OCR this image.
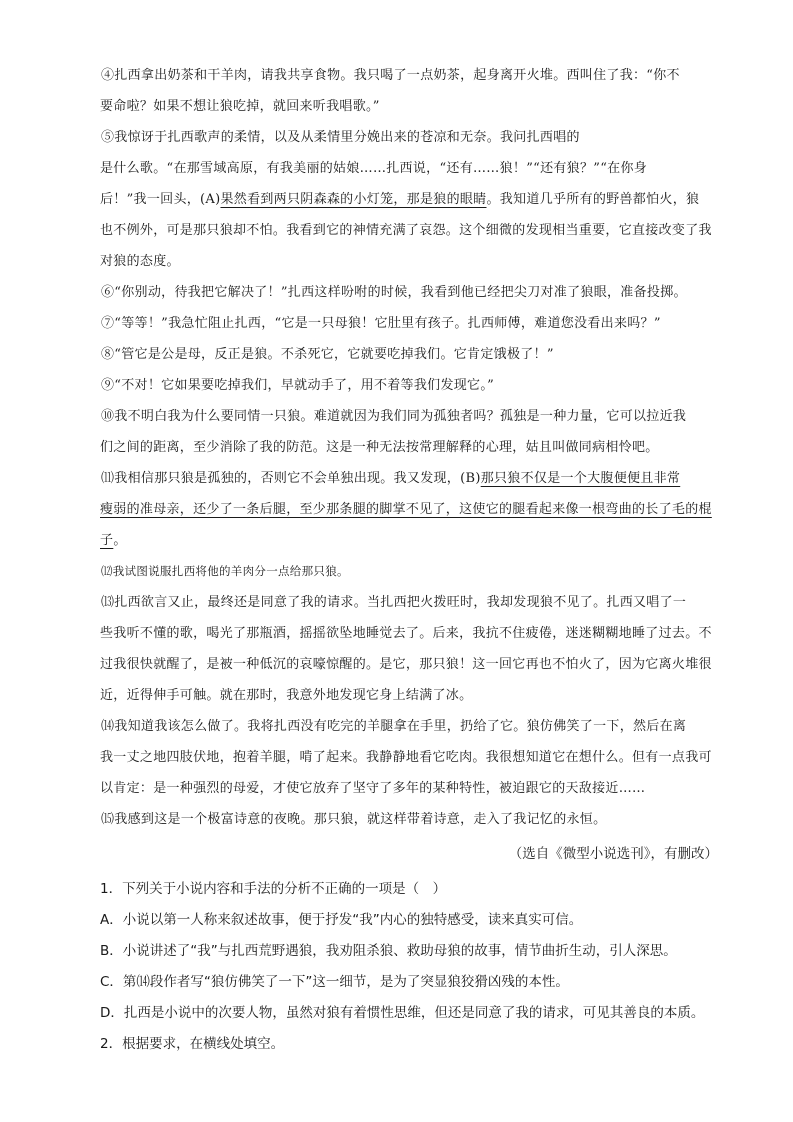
④扎西拿出奶茶和干羊肉，请我共享食物。我只喝了一点奶茶，起身离开火堆。西叫住了我：“你不

要命啦？如果不想让狼吃掉，就回来听我唱歌。”

⑤我惊讶于扎西歌声的柔情，以及从柔情里分娩出来的苍凉和无奈。我问扎西唱的

是什么歌。“在那雪域高原，有我美丽的姑娘……扎西说，“还有……狼！”“还有狼？”“在你身

后！”我一回头，(A)果然看到两只阴森森的小灯笼，那是狼的眼睛。我知道几乎所有的野兽都怕火，狼

也不例外，可是那只狼却不怕。我看到它的神情充满了哀怨。这个细微的发现相当重要，它直接改变了我

对狼的态度。

⑥“你别动，待我把它解决了！”扎西这样吩咐的时候，我看到他已经把尖刀对准了狼眼，准备投掷。

⑦“等等！”我急忙阻止扎西，“它是一只母狼！它肚里有孩子。扎西师傅，难道您没看出来吗？”

⑧“管它是公是母，反正是狼。不杀死它，它就要吃掉我们。它肯定饿极了！”

⑨“不对！它如果要吃掉我们，早就动手了，用不着等我们发现它。”

⑩我不明白我为什么要同情一只狼。难道就因为我们同为孤独者吗？孤独是一种力量，它可以拉近我

们之间的距离，至少消除了我的防范。这是一种无法按常理解释的心理，姑且叫做同病相怜吧。

⑾我相信那只狼是孤独的，否则它不会单独出现。我又发现，(B)那只狼不仅是一个大腹便便且非常

瘦弱的准母亲，还少了一条后腿，至少那条腿的脚掌不见了，这使它的腿看起来像一根弯曲的长了毛的棍

子。

⑿我试图说服扎西将他的羊肉分一点给那只狼。

⒀扎西欲言又止，最终还是同意了我的请求。当扎西把火拨旺时，我却发现狼不见了。扎西又唱了一

些我听不懂的歌，喝光了那瓶酒，摇摇欲坠地睡觉去了。后来，我抗不住疲倦，迷迷糊糊地睡了过去。不

过我很快就醒了，是被一种低沉的哀嚎惊醒的。是它，那只狼！这一回它再也不怕火了，因为它离火堆很

近，近得伸手可触。就在那时，我意外地发现它身上结满了冰。

⒁我知道我该怎么做了。我将扎西没有吃完的羊腿拿在手里，扔给了它。狼仿佛笑了一下，然后在离

我一丈之地四肢伏地，抱着羊腿，啃了起来。我静静地看它吃肉。我很想知道它在想什么。但有一点我可

以肯定：是一种强烈的母爱，才使它放弃了坚守了多年的某种特性，被迫跟它的天敌接近……

⒂我感到这是一个极富诗意的夜晚。那只狼，就这样带着诗意，走入了我记忆的永恒。

（选自《微型小说选刊》，有删改）

1．下列关于小说内容和手法的分析不正确的一项是（　）

A．小说以第一人称来叙述故事，便于抒发“我”内心的独特感受，读来真实可信。

B．小说讲述了“我”与扎西荒野遇狼，我劝阻杀狼、救助母狼的故事，情节曲折生动，引人深思。

C．第⒁段作者写“狼仿佛笑了一下”这一细节，是为了突显狼狡猾凶残的本性。

D．扎西是小说中的次要人物，虽然对狼有着惯性思维，但还是同意了我的请求，可见其善良的本质。

2．根据要求，在横线处填空。
